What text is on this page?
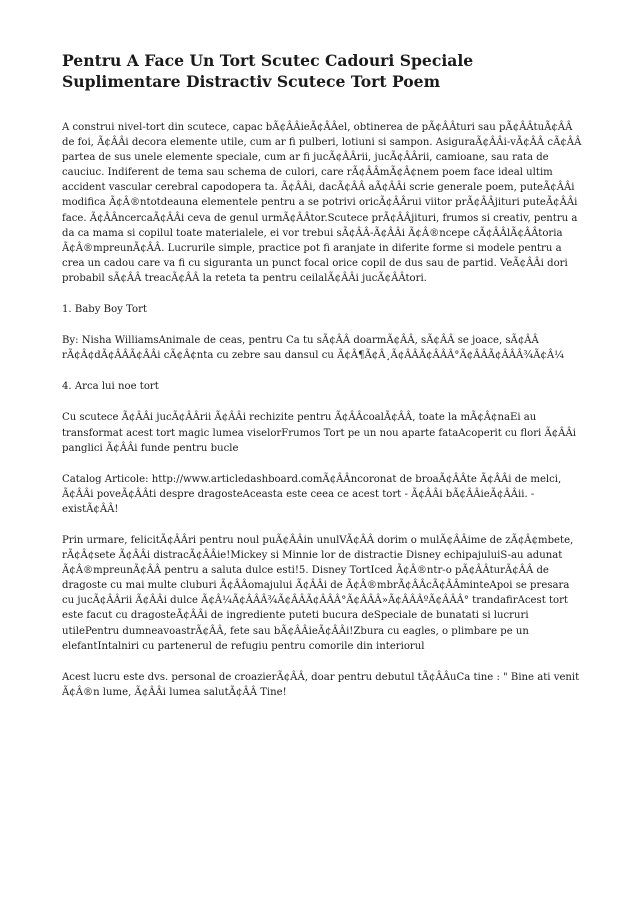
Pentru A Face Un Tort Scutec Cadouri Speciale Suplimentare Distractiv Scutece Tort Poem

A construi nivel-tort din scutece, capac bÃ¢ÂÂieÃ¢ÂÂel, obtinerea de pÃ¢ÂÂturi sau pÃ¢ÂÂtuÃ¢ÂÂ de foi, Ã¢ÂÂi decora elemente utile, cum ar fi pulberi, lotiuni si sampon. AsiguraÃ¢ÂÂi-vÃ¢ÂÂ cÃ¢ÂÂ partea de sus unele elemente speciale, cum ar fi jucÃ¢ÂÂrii, jucÃ¢ÂÂrii, camioane, sau rata de cauciuc. Indiferent de tema sau schema de culori, care rÃ¢ÂÂmÃ¢Â¢nem poem face ideal ultim accident vascular cerebral capodopera ta. Ã¢ÂÂi, dacÃ¢ÂÂ aÃ¢ÂÂi scrie generale poem, puteÃ¢ÂÂi modifica Ã¢Â®ntotdeauna elementele pentru a se potrivi oricÃ¢ÂÂrui viitor prÃ¢ÂÂjituri puteÃ¢ÂÂi face. Ã¢ÂÂncercaÃ¢ÂÂi ceva de genul urmÃ¢ÂÂtor.Scutece prÃ¢ÂÂjituri, frumos si creativ, pentru a da ca mama si copilul toate materialele, ei vor trebui sÃ¢ÂÂ-Ã¢ÂÂi Ã¢Â®ncepe cÃ¢ÂÂlÃ¢ÂÂtoria Ã¢Â®mpreunÃ¢ÂÂ. Lucrurile simple, practice pot fi aranjate in diferite forme si modele pentru a crea un cadou care va fi cu siguranta un punct focal orice copil de dus sau de partid. VeÃ¢ÂÂi dori probabil sÃ¢ÂÂ treacÃ¢ÂÂ la reteta ta pentru ceilalÃ¢ÂÂi jucÃ¢ÂÂtori.

1. Baby Boy Tort

By: Nisha WilliamsAnimale de ceas, pentru Ca tu sÃ¢ÂÂ doarmÃ¢ÂÂ, sÃ¢ÂÂ se joace, sÃ¢ÂÂ rÃ¢Â¢dÃ¢ÂÂÃ¢ÂÂi cÃ¢Â¢nta cu zebre sau dansul cu Ã¢Â¶Ã¢Â¸Ã¢ÂÂÃ¢ÂÂÂ°Ã¢ÂÂÃ¢ÂÂÂ¾Ã¢Â¼

4. Arca lui noe tort

Cu scutece Ã¢ÂÂi jucÃ¢ÂÂrii Ã¢ÂÂi rechizite pentru Ã¢ÂÂcoalÃ¢ÂÂ, toate la mÃ¢Â¢naEi au transformat acest tort magic lumea viselorFrumos Tort pe un nou aparte fataAcoperit cu flori Ã¢ÂÂi panglici Ã¢ÂÂi funde pentru bucle

Catalog Articole: http://www.articledashboard.comÃ¢ÂÂncoronat de broaÃ¢ÂÂte Ã¢ÂÂi de melci, Ã¢ÂÂi poveÃ¢ÂÂti despre dragosteAceasta este ceea ce acest tort - Ã¢ÂÂi bÃ¢ÂÂieÃ¢ÂÂii. - existÃ¢ÂÂ!

Prin urmare, felicitÃ¢ÂÂri pentru noul puÃ¢ÂÂin unulVÃ¢ÂÂ dorim o mulÃ¢ÂÂime de zÃ¢Â¢mbete, rÃ¢Â¢sete Ã¢ÂÂi distracÃ¢ÂÂie!Mickey si Minnie lor de distractie Disney echipajuluiS-au adunat Ã¢Â®mpreunÃ¢ÂÂ pentru a saluta dulce esti!5. Disney TortIced Ã¢Â®ntr-o pÃ¢ÂÂturÃ¢ÂÂ de dragoste cu mai multe cluburi Ã¢ÂÂomajului Ã¢ÂÂi de Ã¢Â®mbrÃ¢ÂÂcÃ¢ÂÂminteApoi se presara cu jucÃ¢ÂÂrii Ã¢ÂÂi dulce Ã¢Â¼Ã¢ÂÂÂ¾Ã¢ÂÂÃ¢ÂÂÂ°Ã¢ÂÂÂ»Ã¢ÂÂÂºÃ¢ÂÂÂ° trandafirAcest tort este facut cu dragosteÃ¢ÂÂi de ingrediente puteti bucura deSpeciale de bunatati si lucruri utilePentru dumneavoastrÃ¢ÂÂ, fete sau bÃ¢ÂÂieÃ¢ÂÂi!Zbura cu eagles, o plimbare pe un elefantIntalniri cu partenerul de refugiu pentru comorile din interiorul

Acest lucru este dvs. personal de croazierÃ¢ÂÂ, doar pentru debutul tÃ¢ÂÂuCa tine : " Bine ati venit Ã¢Â®n lume, Ã¢ÂÂi lumea salutÃ¢ÂÂ Tine!
